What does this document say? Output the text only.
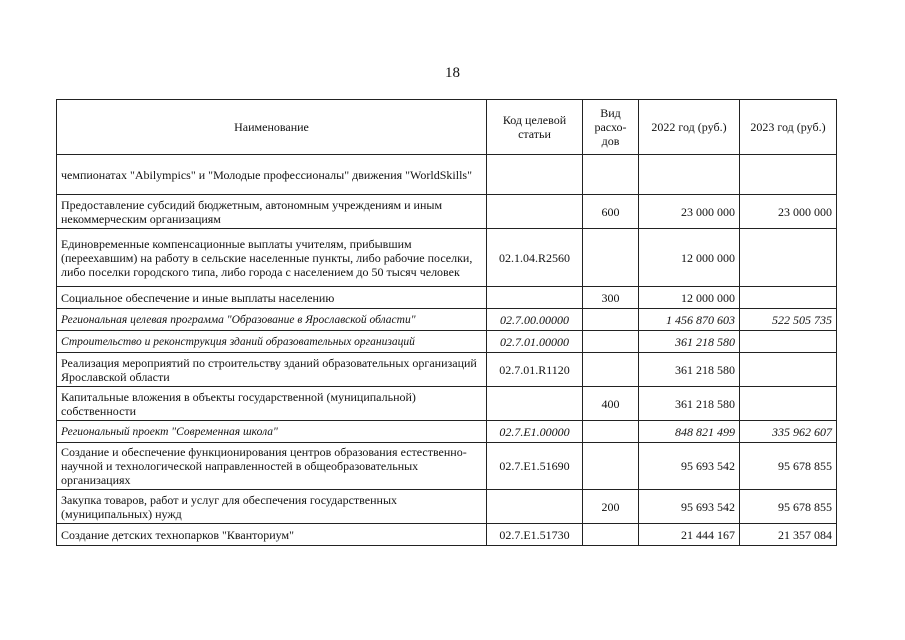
18
Наименование	Код целевой статьи	Вид расхо-дов	2022 год (руб.)	2023 год (руб.)
чемпионатах "Abilympics" и "Молодые профессионалы" движения "WorldSkills"				
Предоставление субсидий бюджетным, автономным учреждениям и иным некоммерческим организациям		600	23 000 000	23 000 000
Единовременные компенсационные выплаты учителям, прибывшим (переехавшим) на работу в сельские населенные пункты, либо рабочие поселки, либо поселки городского типа, либо города с населением до 50 тысяч человек	02.1.04.R2560		12 000 000	
Социальное обеспечение и иные выплаты населению		300	12 000 000	
Региональная целевая программа "Образование в Ярославской области"	02.7.00.00000		1 456 870 603	522 505 735
Строительство и реконструкция зданий образовательных организаций	02.7.01.00000		361 218 580	
Реализация мероприятий по строительству зданий образовательных организаций Ярославской области	02.7.01.R1120		361 218 580	
Капитальные вложения в объекты государственной (муниципальной) собственности		400	361 218 580	
Региональный проект "Современная школа"	02.7.E1.00000		848 821 499	335 962 607
Создание и обеспечение функционирования центров образования естественно-научной и технологической направленностей в общеобразовательных организациях	02.7.E1.51690		95 693 542	95 678 855
Закупка товаров, работ и услуг для обеспечения государственных (муниципальных) нужд		200	95 693 542	95 678 855
Создание детских технопарков "Кванториум"	02.7.E1.51730		21 444 167	21 357 084
